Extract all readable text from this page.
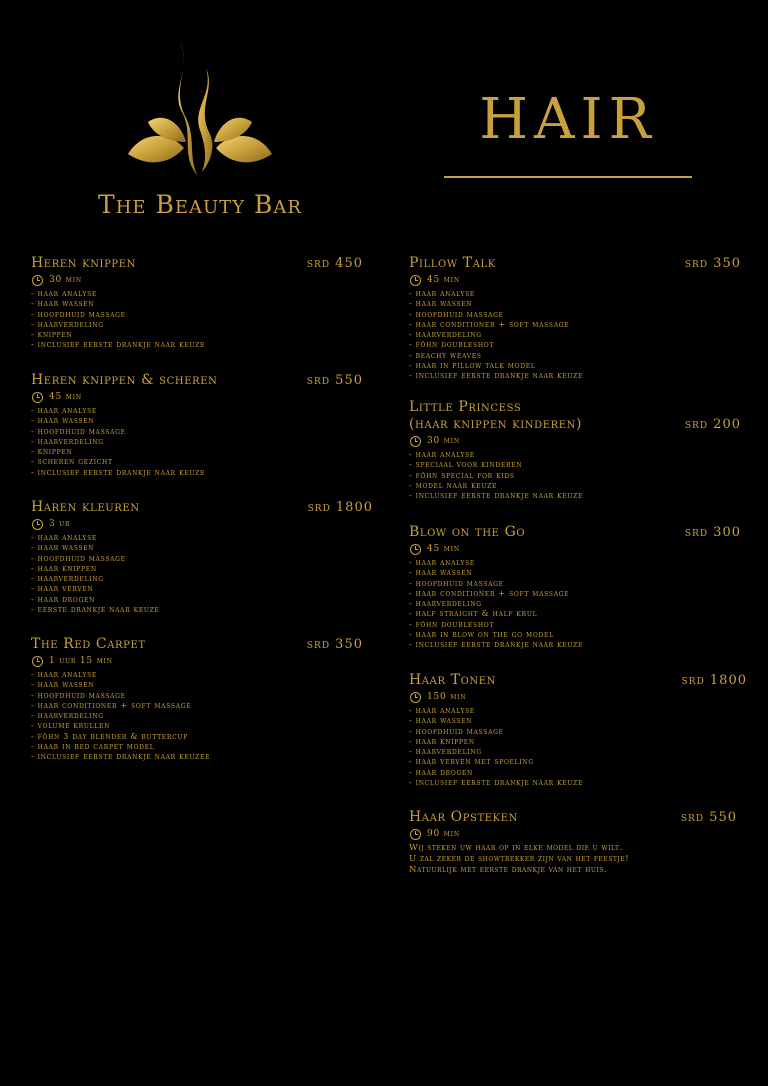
The Beauty Bar
HAIR
Heren knippen	srd 450
30 min
- haar analyse
- haar wassen
- hoofdhuid massage
- haarverdeling
- knippen
- inclusief eerste drankje naar keuze
Heren knippen & scheren	srd 550
45 min
- haar analyse
- haar wassen
- hoofdhuid massage
- haarverdeling
- knippen
- scheren gezicht
- inclusief eerste drankje naar keuze
Haren kleuren	srd 1800
3 ur
- haar analyse
- haar wassen
- hoofdhuid massage
- haar knippen
- haarverdeling
- haar verven
- haar drogen
- eerste drankje naar keuze
The Red Carpet	srd 350
1 uur 15 min
- haar analyse
- haar wassen
- hoofdhuid massage
- haar conditioner + soft massage
- haarverdeling
- volume krullen
- föhn 3 day blender & buttercup
- haar in red carpet model
- inclusief eerste drankje naar keuzee
Pillow Talk	srd 350
45 min
- haar analyse
- haar wassen
- hoofdhuid massage
- haar conditioner + soft massage
- haarverdeling
- föhn doubleshot
- beachy weaves
- haar in pillow talk model
- inclusief eerste drankje naar keuze
Little Princess
(haar knippen kinderen)	srd 200
30 min
- haar analyse
- speciaal voor kinderen
- föhn special for kids
- model naar keuze
- inclusief eerste drankje naar keuze
Blow on the Go	srd 300
45 min
- haar analyse
- haar wassen
- hoofdhuid massage
- haar conditioner + soft massage
- haarverdeling
- half straight & half krul
- föhn doubleshot
- haar in blow on the go model
- inclusief eerste drankje naar keuze
Haar Tonen	srd 1800
150 min
- haar analyse
- haar wassen
- hoofdhuid massage
- haar knippen
- haarverdeling
- haar verven met spoeling
- haar drogen
- inclusief eerste drankje naar keuze
Haar Opsteken	srd 550
90 min
Wij steken uw haar op in elke model die u wilt.
U zal zeker de showtrekker zijn van het feestje!
Natuurlijk met eerste drankje van het huis.
